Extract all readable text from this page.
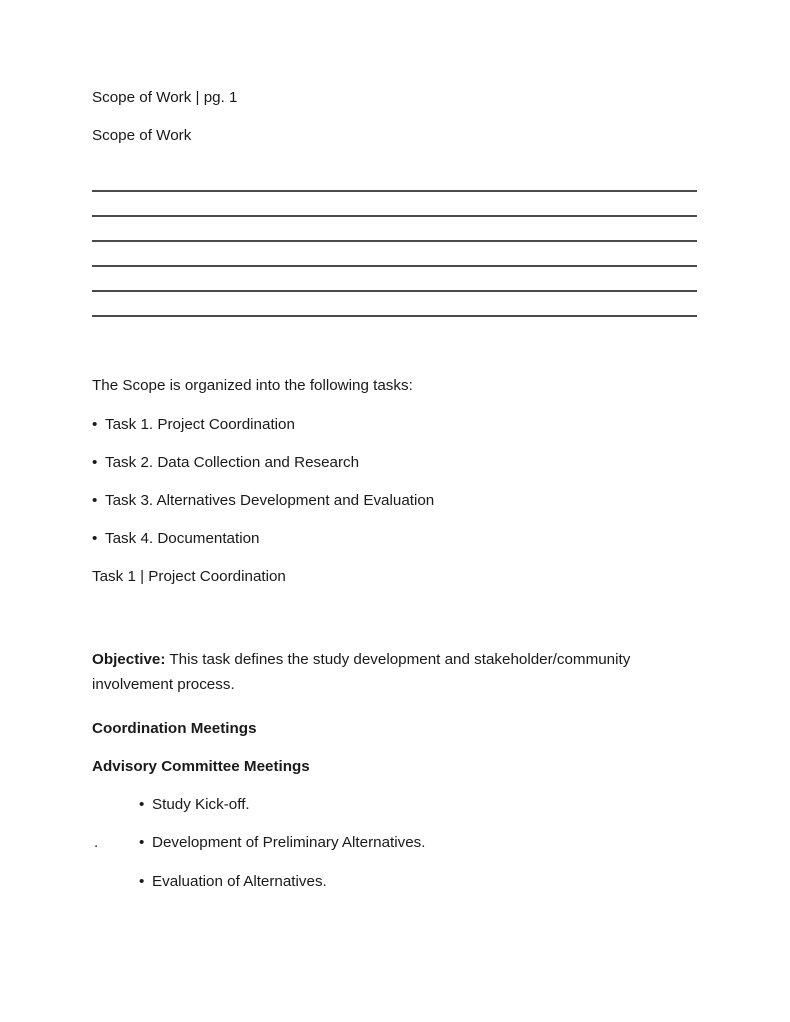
Scope of Work | pg. 1
Scope of Work
The Scope is organized into the following tasks:
• Task 1. Project Coordination
• Task 2. Data Collection and Research
• Task 3. Alternatives Development and Evaluation
• Task 4. Documentation
Task 1 | Project Coordination
Objective: This task defines the study development and stakeholder/community involvement process.
Coordination Meetings
Advisory Committee Meetings
• Study Kick-off.
.	• Development of Preliminary Alternatives.
• Evaluation of Alternatives.
